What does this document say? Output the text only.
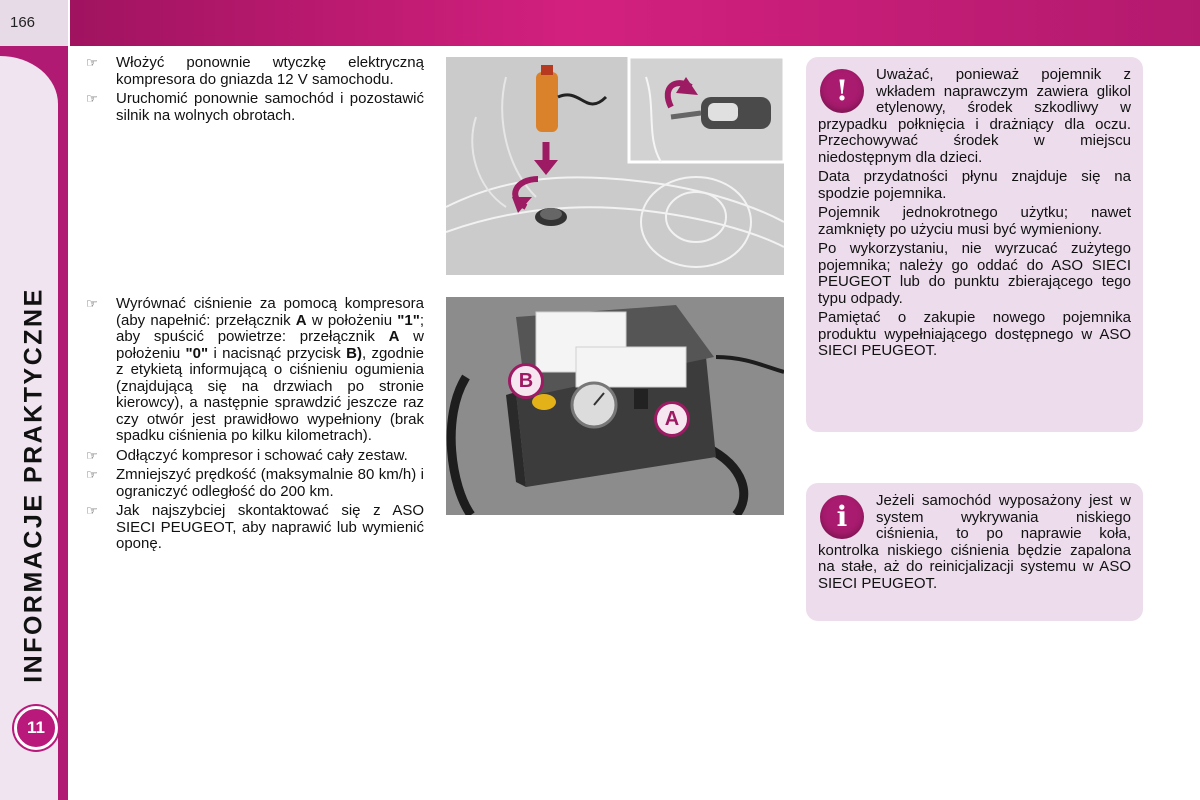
166
INFORMACJE PRAKTYCZNE
11
☞	Włożyć ponownie wtyczkę elektryczną kompresora do gniazda 12 V samochodu.
☞	Uruchomić ponownie samochód i pozostawić silnik na wolnych obrotach.
☞	Wyrównać ciśnienie za pomocą kompresora (aby napełnić: przełącznik A w położeniu "1"; aby spuścić powietrze: przełącznik A w położeniu "0" i nacisnąć przycisk B), zgodnie z etykietą informującą o ciśnieniu ogumienia (znajdującą się na drzwiach po stronie kierowcy), a następnie sprawdzić jeszcze raz czy otwór jest prawidłowo wypełniony (brak spadku ciśnienia po kilku kilometrach).
☞	Odłączyć kompresor i schować cały zestaw.
☞	Zmniejszyć prędkość (maksymalnie 80 km/h) i ograniczyć odległość do 200 km.
☞	Jak najszybciej skontaktować się z ASO SIECI PEUGEOT, aby naprawić lub wymienić oponę.
B
A
!	Uważać, ponieważ pojemnik z wkładem naprawczym zawiera glikol etylenowy, środek szkodliwy w przypadku połknięcia i drażniący dla oczu. Przechowywać środek w miejscu niedostępnym dla dzieci.

Data przydatności płynu znajduje się na spodzie pojemnika.

Pojemnik jednokrotnego użytku; nawet zamknięty po użyciu musi być wymieniony.

Po wykorzystaniu, nie wyrzucać zużytego pojemnika; należy go oddać do ASO SIECI PEUGEOT lub do punktu zbierającego tego typu odpady.

Pamiętać o zakupie nowego pojemnika produktu wypełniającego dostępnego w ASO SIECI PEUGEOT.

i	Jeżeli samochód wyposażony jest w system wykrywania niskiego ciśnienia, to po naprawie koła, kontrolka niskiego ciśnienia będzie zapalona na stałe, aż do reinicjalizacji systemu w ASO SIECI PEUGEOT.
